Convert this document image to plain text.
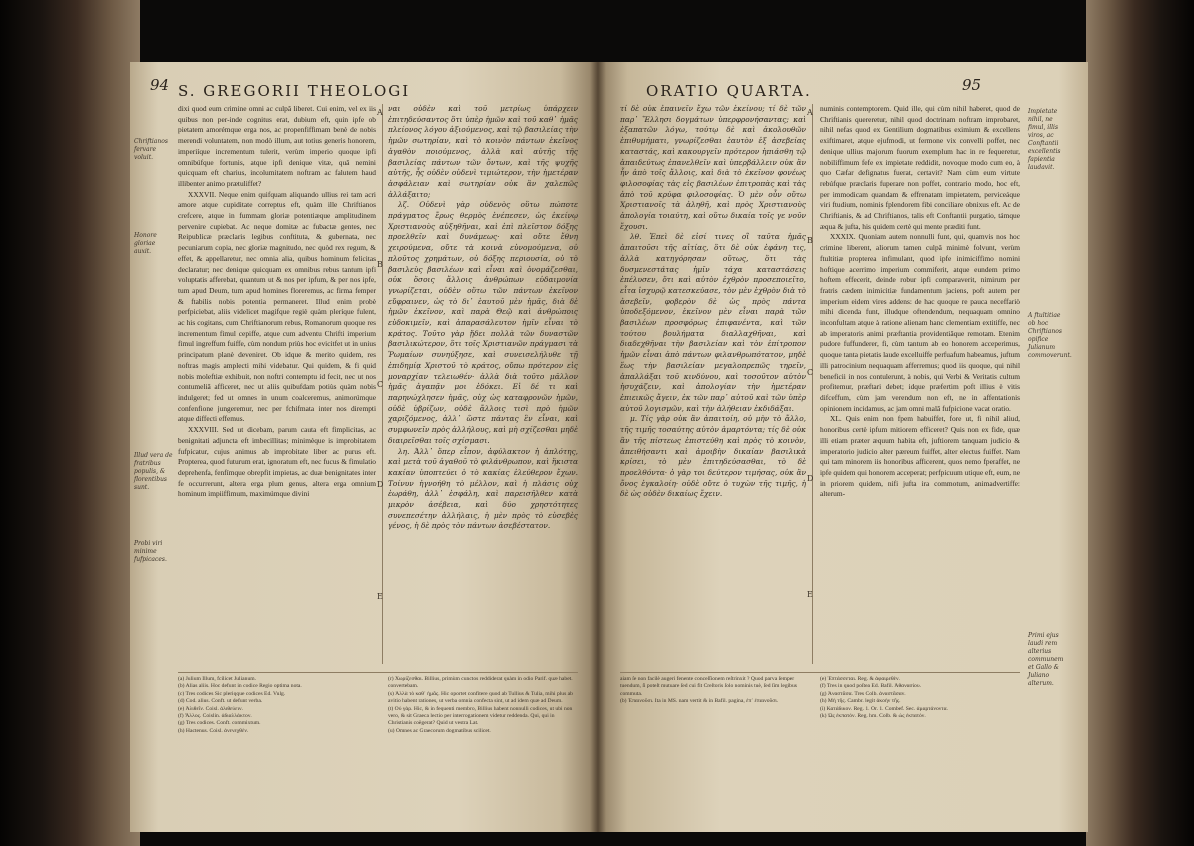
94 S. GREGORII THEOLOGI
Chriftianos fervare voluit.
Honore gloriae auxit.
Illud vera de fratribus populis, & florentibus sunt.
Probi viri minime fufpicaces.

dixi quod eum crimine omni ac culpâ liberet. Cui enim, vel ex iis quibus non per-inde cognitus erat, dubium eft, quin ipfe ob pietatem amorémque erga nos, ac propenfiffimam benè de nobis merendi voluntatem, non modò illum, aut totius generis honorem, imperiíque incrementum tulerit, verùm imperio quoque ipfi omnibúfque fortunis, atque ipfi denique vitæ, quâ nemini quicquam eft charius, incolumitatem noftram ac falutem haud illibenter animo prætuliffet?

XXXVII. Neque enim quifquam aliquando ullius rei tam acri amore atque cupiditate correptus eft, quàm ille Chriftianos crefcere, atque in fummam gloriæ potentiæque amplitudinem pervenire cupiebat. Ac neque domitæ ac fubactæ gentes, nec Reipublicæ præclaris legibus conftituta, & gubernata, nec pecuniarum copia, nec gloriæ magnitudo, nec quòd rex regum, & effet, & appellaretur, nec omnia alia, quibus hominum felicitas declaratur; nec denique quicquam ex omnibus rebus tantum ipfi voluptatis afferebat, quantum ut & nos per ipfum, & per nos ipfe, tum apud Deum, tum apud homines floreremus, ac firma femper & ftabilis nobis potentia permaneret. Illud enim probè perfpiciebat, aliis videlicet magifque regiè quàm pleríque fulent, ac his cogitans, cum Chriftianorum rebus, Romanorum quoque res incrementum fimul cepiffe, atque cum adventu Chrifti imperium fimul ingreffum fuiffe, cùm nondum priùs hoc evicitfet ut in unius principatum planè deveniret. Ob idque & merito quidem, res noftras magis amplecti mihi videbatur. Qui quidem, & fi quid nobis moleftiæ exhibuit, non noftri contemptu id fecit, nec ut nos contumeliâ afficeret, nec ut aliis quibufdam potiùs quàm nobis indulgeret; fed ut omnes in unum coalceremus, animorúmque confenfione jungeremur, nec per fchifmata inter nos dirempti atque diffecti effemus.

XXXVIII. Sed ut dicebam, parum cauta eft fimplicitas, ac benignitati adjuncta eft imbecillitas; minimèque is improbitatem fufpicatur, cujus animus ab improbitate liber ac purus eft. Propterea, quod futurum erat, ignoratum eft, nec fucus & fimulatio deprehenfa, fenfímque obrepfit impietas, ac duæ benignitates inter fe occurrerunt, altera erga plum genus, altera erga omnium hominum impiiffimum, maximúmque divini

A
B
C
D
E

ναι οὐδὲν καὶ τοῦ μετρίως ὑπάρχειν ἐπιτηδεύσαντος ὅτι ὑπὲρ ἡμῶν καὶ τοῦ καθ᾽ ἡμᾶς πλείονος λόγου ἀξιούμενος, καὶ τῷ βασιλείας τὴν ἡμῶν σωτηρίαν, καὶ τὸ κοινὸν πάντων ἐκεῖνος ἀγαθὸν ποιούμενος, ἀλλὰ καὶ αὐτῆς τῆς βασιλείας πάντων τῶν ὄντων, καὶ τῆς ψυχῆς αὐτῆς, ἧς οὐδὲν οὐδενὶ τιμιώτερον, τὴν ἡμετέραν ἀσφάλειαν καὶ σωτηρίαν οὐκ ἂν χαλεπῶς ἀλλάξαιτο;

λζ. Οὐδενὶ γὰρ οὐδενὸς οὕτω πώποτε πράγματος ἔρως θερμὸς ἐνέπεσεν, ὡς ἐκείνῳ Χριστιανοὺς αὐξηθῆναι, καὶ ἐπὶ πλεῖστον δόξης προελθεῖν καὶ δυνάμεως· καὶ οὔτε ἔθνη χειρούμενα, οὔτε τὰ κοινὰ εὐνομούμενα, οὐ πλοῦτος χρημάτων, οὐ δόξης περιουσία, οὐ τὸ βασιλεὺς βασιλέων καὶ εἶναι καὶ ὀνομάζεσθαι, οὐκ ὅσοις ἄλλοις ἀνθρώπων εὐδαιμονία γνωρίζεται, οὐδὲν οὕτω τῶν πάντων ἐκεῖνον εὔφραινεν, ὡς τὸ δι᾽ ἑαυτοῦ μὲν ἡμᾶς, διὰ δὲ ἡμῶν ἐκεῖνον, καὶ παρὰ Θεῷ καὶ ἀνθρώποις εὐδοκιμεῖν, καὶ ἀπαρασάλευτον ἡμῖν εἶναι τὸ κράτος. Τοῦτο γὰρ ᾔδει πολλὰ τῶν δυναστῶν βασιλικώτερον, ὅτι τοῖς Χριστιανῶν πράγμασι τὰ Ῥωμαίων συνηύξησε, καὶ συνεισελήλυθε τῇ ἐπιδημίᾳ Χριστοῦ τὸ κράτος, οὔπω πρότερον εἰς μοναρχίαν τελειωθέν· ἀλλὰ διὰ τοῦτο μᾶλλον ἡμᾶς ἀγαπᾷν μοι ἐδόκει. Εἰ δέ τι καὶ παρηνώχλησεν ἡμᾶς, οὐχ ὡς καταφρονῶν ἡμῶν, οὐδὲ ὑβρίζων, οὐδὲ ἄλλοις τισὶ πρὸ ἡμῶν χαριζόμενος, ἀλλ᾽ ὥστε πάντας ἓν εἶναι, καὶ συμφωνεῖν πρὸς ἀλλήλους, καὶ μὴ σχίζεσθαι μηδὲ διαιρεῖσθαι τοῖς σχίσμασι.

λη. Ἀλλ᾽ ὅπερ εἶπον, ἀφύλακτον ἡ ἁπλότης, καὶ μετὰ τοῦ ἀγαθοῦ τὸ φιλάνθρωπον, καὶ ἥκιστα κακίαν ὑποπτεύει ὁ τὸ κακίας ἐλεύθερον ἔχων. Τοίνυν ἠγνοήθη τὸ μέλλον, καὶ ἡ πλάσις οὐχ ἑωράθη, ἀλλ᾽ ἐσφάλη, καὶ παρεισῆλθεν κατὰ μικρὸν ἀσέβεια, καὶ δύο χρηστότητες συνεπεσέτην ἀλλήλαις, ἡ μὲν πρὸς τὸ εὐσεβὲς γένος, ἡ δὲ πρὸς τὸν πάντων ἀσεβέστατον.

(a) Julium Illum, fcilicet Julianum.

(b) Alias aliis. Hoc defunt in codice Regio optima nota.

(c) Tres codices Sic pleriqque codices Ed. Vulg.

(d) Cod. alius. Conft. ut defunt verba.

(e) Ἀλιθεῖν. Coisl. ἀλιθεύειν.

(f) Ἄλλος. Coislin. ἀδιαλλάκτον.

(g) Tres codices. Conft. commixtum.

(h) Hactenus. Coisl. ἀνενεχθὲν.

(r) Χωρίζεσθαι. Billius, primùm cunctos reddiderat quàm in odio Parif. quæ habet. convertebam.

(s) Ἀλλὰ τὸ καθ᾽ ἡμᾶς. Hic oportet confitere quod ab Tullius & Tulia, mihi plus ab avitio habent rationes, ut verba omnia confecta sint, ut ad idem quæ ad Deum.

(t) Οὐ γὰρ. Hic, & in fequenti membro, Billius habent nonnulli codices, ut ubi non vero, & sit Graeca lectio per interrogationem videtur reddenda. Qui, qui in Christianis coëgerat? Quid ut vestra Lat.

(u) Omnes ac Graecorum dogmatibus scilicet.

ORATIO QUARTA.	95

τί δὲ οὐκ ἐπαινεῖν ἔχω τῶν ἐκείνου; τί δὲ τῶν παρ᾽ Ἕλλησι δογμάτων ὑπερφρονήσαντας; καὶ ἐξαπατῶν λόγω, τούτῳ δὲ καὶ ἀκολουθῶν ἐπιθυμήματι, γνωρίζεσθαι ἑαυτὸν ἐξ ἀσεβείας καταστάς, καὶ κακουργεῖν πρότερον ἠπιάσθη τῷ ἀπαιδεύτως ἐπανελθεῖν καὶ ὑπερβάλλειν οὐκ ἂν ἦν ἀπὸ τοῖς ἄλλοις, καὶ διὰ τὸ ἐκεῖνον φονέως φιλοσοφίας τὰς εἰς βασιλέων ἐπιτροπὰς καὶ τὰς ἀπὸ τοῦ κρύφα φιλοσοφίας. Ὁ μὲν οὖν οὕτω Χριστιανοῖς τὰ ἀληθῆ, καὶ πρὸς Χριστιανοὺς ἀπολογία τοιαύτη, καὶ οὕτω δικαία τοῖς γε νοῦν ἔχουσι.

λθ. Ἐπεὶ δὲ εἰσί τινες οἳ ταῦτα ἡμᾶς ἀπαιτοῦσι τῆς αἰτίας, ὅτι δὲ οὐκ ἐφάνη τις, ἀλλὰ κατηγόρησαν οὕτως, ὅτι τὰς δυσμενεστάτας ἡμῖν τάχα καταστάσεις ἐπέλυσεν, ὅτι καὶ αὐτὸν ἐχθρὸν προσεποιεῖτο, εἶτα ἰσχυρῷ κατεσκεύασε, τὸν μὲν ἐχθρὸν διὰ τὸ ἀσεβεῖν, φοβερὸν δὲ ὡς πρὸς πάντα ὑποδεξόμενον, ἐκεῖνον μὲν εἶναι παρὰ τῶν βασιλέων προσφόρως ἐπιφανέντα, καὶ τῶν τούτου βουλήματα διαλλαχθῆναι, καὶ διαδεχθῆναι τὴν βασιλείαν καὶ τὸν ἐπίτροπον ἡμῶν εἶναι ἀπὸ πάντων φιλανθρωπότατον, μηδὲ ἕως τὴν βασιλείαν μεγαλοπρεπῶς τηρεῖν, ἀπαλλάξαι τοῦ κινδύνου, καὶ τοσοῦτον αὐτὸν ἡσυχάζειν, καὶ ἀπολογίαν τὴν ἡμετέραν ἐπιεικῶς ἄγειν, ἐκ τῶν παρ᾽ αὐτοῦ καὶ τῶν ὑπὲρ αὐτοῦ λογισμῶν, καὶ τὴν ἀλήθειαν ἐκδιδάξαι.

μ. Τίς γὰρ οὐκ ἂν ἀπαιτοίη, οὐ μὴν τὸ ἄλλο, τῆς τιμῆς τοσαύτης αὐτὸν ἁμαρτόντα; τίς δὲ οὐκ ἂν τῆς πίστεως ἐπιστεύθη καὶ πρὸς τὸ κοινὸν, ἀπειθήσαντι καὶ ἀμοιβὴν δικαίαν βασιλικὰ κρίσει, τὸ μὲν ἐπιτηδεύσασθαι, τὸ δὲ προελθόντα· ὁ γὰρ τοι δεύτερον τιμήσας, οὐκ ἂν ὄνος ἐγκαλοίη· οὐδὲ οὔτε ὁ τυχὼν τῆς τιμῆς, ἡ δὲ ὡς οὐδὲν δικαίως ἔχειν.

A
B
C
D
E

numinis contemptorem. Quid ille, qui cùm nihil haberet, quod de Chriftianis quereretur, nihil quod doctrinam noftram improbaret, nihil nefas quod ex Gentilium dogmatibus eximium & excellens exiftimaret, atque ejufmodi, ut fermone vix convelli poffet, nec denique ullius majorum fuorum exemplum hac in re fequeretur, nobiliffimum fefe ex impietate reddidit, novoque modo cum eo, à quo Cæfar defignatus fuerat, certavit? Nam cùm eum virtute rebúfque præclaris fuperare non poffet, contrario modo, hoc eft, per immodicam quandam & effrenatam impietatem, perviceáque viri ftudium, nominis fplendorem fibi conciliare obnixus eft. Ac de Chriftianis, & ad Chriftianos, talis eft Conftantii purgatio, támque æqua & jufta, his quidem certè qui mente præditi funt.

XXXIX. Quoniam autem nonnulli funt, qui, quamvis nos hoc crimine liberent, aliorum tamen culpâ minimè folvunt, verùm ftultitiæ propterea infimulant, quod ipfe inimiciffimo nomini hoftique acerrimo imperium commiferit, atque eundem primo hoftem effecerit, deinde robur ipfi comparaverit, nimirum per fratris cædem inimicitiæ fundamentum jaciens, poft autem per imperium eidem vires addens: de hac quoque re pauca neceffariò mihi dicenda funt, illudque oftendendum, nequaquam omnino inconfultam atque à ratione alienam hanc clementiam extitiffe, nec ab imperatoris animi præftantia providentiâque remotam. Etenim pudore fuffunderer, fi, cùm tantum ab eo honorem acceperimus, quoque tanta pietatis laude excelluiffe perfuafum habeamus, juftum illi patrocinium nequaquam afferremus; quod iis quoque, qui nihil beneficii in nos contulerunt, à nobis, qui Verbi & Veritatis cultum profitemur, præftari debet; idque præfertim poft illius è vitis difceffum, cùm jam verendum non eft, ne in affentationis opinionem incidamus, ac jam omni malâ fufpicione vacat oratio.

XL. Quis enim non fpem habuiffet, fore ut, fi nihil aliud, honoribus certè ipfum mitiorem efficeret? Quis non ex fide, quæ illi etiam præter æquum habita eft, juftiorem tanquam judicio & imperatorio judicio alter pæreum fuiffet, alter electus fuiffet. Nam qui tam minorem iis honoribus afficerent, quos nemo fperaffet, ne ipfe quidem qui honorem acceperat; perfpicuum utique eft, eum, ne in priorem quidem, nifi jufta ira commotum, animadvertiffe: alterum-

Impietate nihil, ne fimul, illis viros, ac Conftantii excellentis fapientia laudavit.
A ftultitiae ob hoc Chriftianos opifice Julianum commoverunt.
Primi ejus laudi rem alterius communem et Gallo & Juliano alterum.

aiam ſe non facilè augeri fenente conceſſionem reſtrinxit ? Quod parva ſemper tuendum, ſi poteſt mutuare ſed cui fit Creſtoris ſolo nominis tuè, ſed ſim legibus commuta.

(b) Ἐπαινοῦσι. Ita in MS. nam vertit & in Bafil. pagina, ἐπ᾽ ἐπαινοῦσι.

(e) Ἑπτάσσεται. Reg. & ἀφαιρεθὲν.

(f) Tres in quod poſtea Ed. Bafil. Ἀθανασίου.

(g) Ἀναστᾶσα. Tres Colb. ἀναστᾶσαν.

(h) Μὴ τῆς. Cambr. legit ἀκοὴν τῆς.

(i) Κατάδικον. Reg. 1. Or. 1. Combef. Sec. ἀμαρτάνοντα.

(k) Ὡς ἐκπατόν. Reg. hm. Colb. & ὡς ἐκπατόν.
